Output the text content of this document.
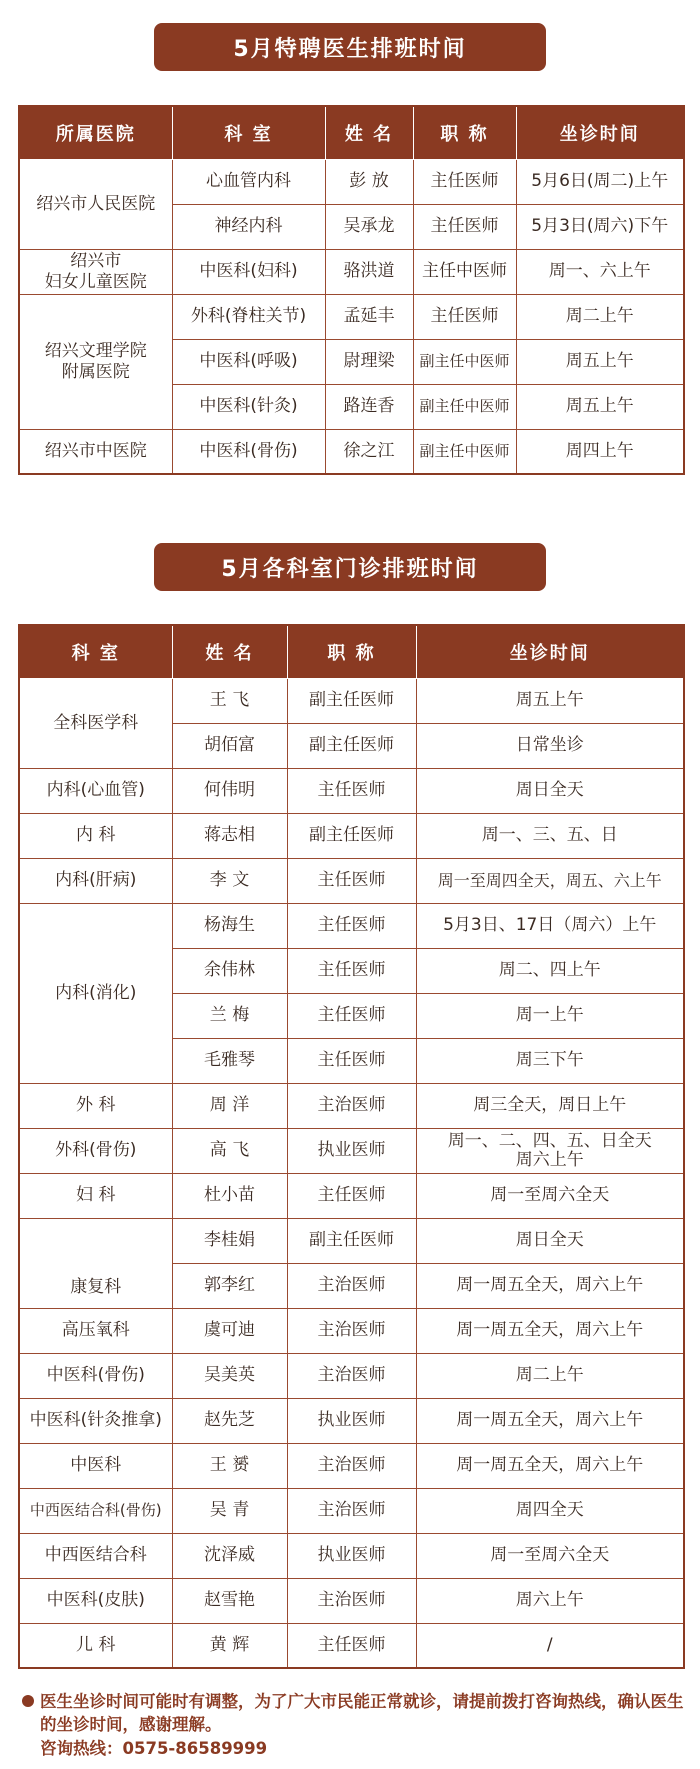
5月特聘医生排班时间
所属医院	科 室	姓 名	职 称	坐诊时间
绍兴市人民医院	心血管内科	彭 放	主任医师	5月6日(周二)上午
	神经内科	吴承龙	主任医师	5月3日(周六)下午

绍兴市
妇女儿童医院	中医科(妇科)	骆洪道	主任中医师	周一、六上午

绍兴文理学院
附属医院	外科(脊柱关节)	孟延丰	主任医师	周二上午
	中医科(呼吸)	尉理梁	副主任中医师	周五上午
	中医科(针灸)	路连香	副主任中医师	周五上午
绍兴市中医院	中医科(骨伤)	徐之江	副主任中医师	周四上午
5月各科室门诊排班时间
科 室	姓 名	职 称	坐诊时间
全科医学科	王 飞	副主任医师	周五上午
	胡佰富	副主任医师	日常坐诊
内科(心血管)	何伟明	主任医师	周日全天
内 科	蒋志相	副主任医师	周一、三、五、日
内科(肝病)	李 文	主任医师	周一至周四全天，周五、六上午
内科(消化)	杨海生	主任医师	5月3日、17日（周六）上午
	余伟林	主任医师	周二、四上午
	兰 梅	主任医师	周一上午
	毛雅琴	主任医师	周三下午
外 科	周 洋	主治医师	周三全天，周日上午
外科(骨伤)	高 飞	执业医师	周一、二、四、五、日全天
周六上午

妇 科	杜小苗	主任医师	周一至周六全天
康复科	李桂娟	副主任医师	周日全天
	郭李红	主治医师	周一周五全天，周六上午
高压氧科	虞可迪	主治医师	周一周五全天，周六上午
中医科(骨伤)	吴美英	主治医师	周二上午
中医科(针灸推拿)	赵先芝	执业医师	周一周五全天，周六上午
中医科	王 赟	主治医师	周一周五全天，周六上午
中西医结合科(骨伤)	吴 青	主治医师	周四全天
中西医结合科	沈泽威	执业医师	周一至周六全天
中医科(皮肤)	赵雪艳	主治医师	周六上午
儿 科	黄 辉	主任医师	/

医生坐诊时间可能时有调整，为了广大市民能正常就诊，请提前拨打咨询热线，确认医生的坐诊时间，感谢理解。

咨询热线：0575-86589999
